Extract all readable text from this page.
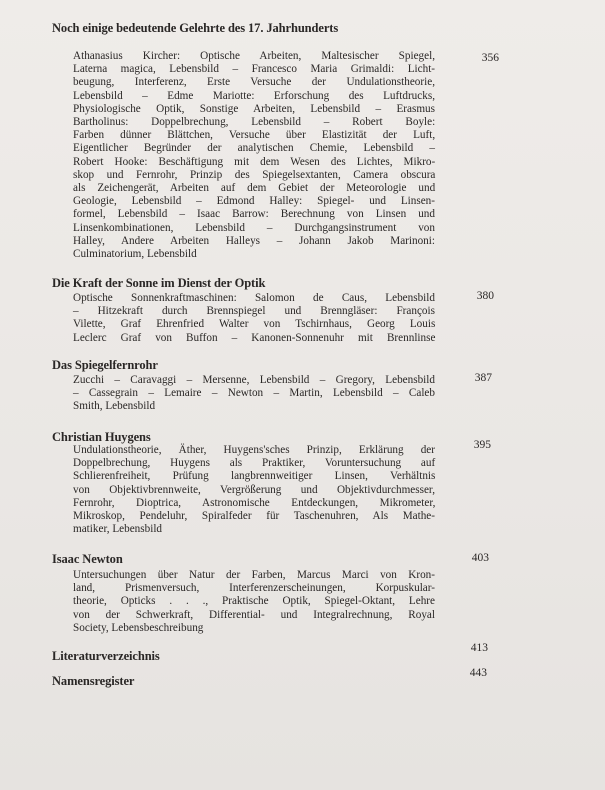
Noch einige bedeutende Gelehrte des 17. Jahrhunderts
356
Athanasius Kircher: Optische Arbeiten, Maltesischer Spiegel,
Laterna magica, Lebensbild – Francesco Maria Grimaldi: Licht-
beugung, Interferenz, Erste Versuche der Undulationstheorie,
Lebensbild – Edme Mariotte: Erforschung des Luftdrucks,
Physiologische Optik, Sonstige Arbeiten, Lebensbild – Erasmus
Bartholinus: Doppelbrechung, Lebensbild – Robert Boyle:
Farben dünner Blättchen, Versuche über Elastizität der Luft,
Eigentlicher Begründer der analytischen Chemie, Lebensbild –
Robert Hooke: Beschäftigung mit dem Wesen des Lichtes, Mikro-
skop und Fernrohr, Prinzip des Spiegelsextanten, Camera obscura
als Zeichengerät, Arbeiten auf dem Gebiet der Meteorologie und
Geologie, Lebensbild – Edmond Halley: Spiegel- und Linsen-
formel, Lebensbild – Isaac Barrow: Berechnung von Linsen und
Linsenkombinationen, Lebensbild – Durchgangsinstrument von
Halley, Andere Arbeiten Halleys – Johann Jakob Marinoni:
Culminatorium, Lebensbild
Die Kraft der Sonne im Dienst der Optik
380
Optische Sonnenkraftmaschinen: Salomon de Caus, Lebensbild
– Hitzekraft durch Brennspiegel und Brenngläser: François
Vilette, Graf Ehrenfried Walter von Tschirnhaus, Georg Louis
Leclerc Graf von Buffon – Kanonen-Sonnenuhr mit Brennlinse
Das Spiegelfernrohr
387
Zucchi – Caravaggi – Mersenne, Lebensbild – Gregory, Lebensbild
– Cassegrain – Lemaire – Newton – Martin, Lebensbild – Caleb
Smith, Lebensbild
Christian Huygens
395
Undulationstheorie, Äther, Huygens'sches Prinzip, Erklärung der
Doppelbrechung, Huygens als Praktiker, Voruntersuchung auf
Schlierenfreiheit, Prüfung langbrennweitiger Linsen, Verhältnis
von Objektivbrennweite, Vergrößerung und Objektivdurchmesser,
Fernrohr, Dioptrica, Astronomische Entdeckungen, Mikrometer,
Mikroskop, Pendeluhr, Spiralfeder für Taschenuhren, Als Mathe-
matiker, Lebensbild
Isaac Newton	403
Untersuchungen über Natur der Farben, Marcus Marci von Kron-
land, Prismenversuch, Interferenzerscheinungen, Korpuskular-
theorie, Opticks . . ., Praktische Optik, Spiegel-Oktant, Lehre
von der Schwerkraft, Differential- und Integralrechnung, Royal
Society, Lebensbeschreibung
Literaturverzeichnis
413
Namensregister
443
